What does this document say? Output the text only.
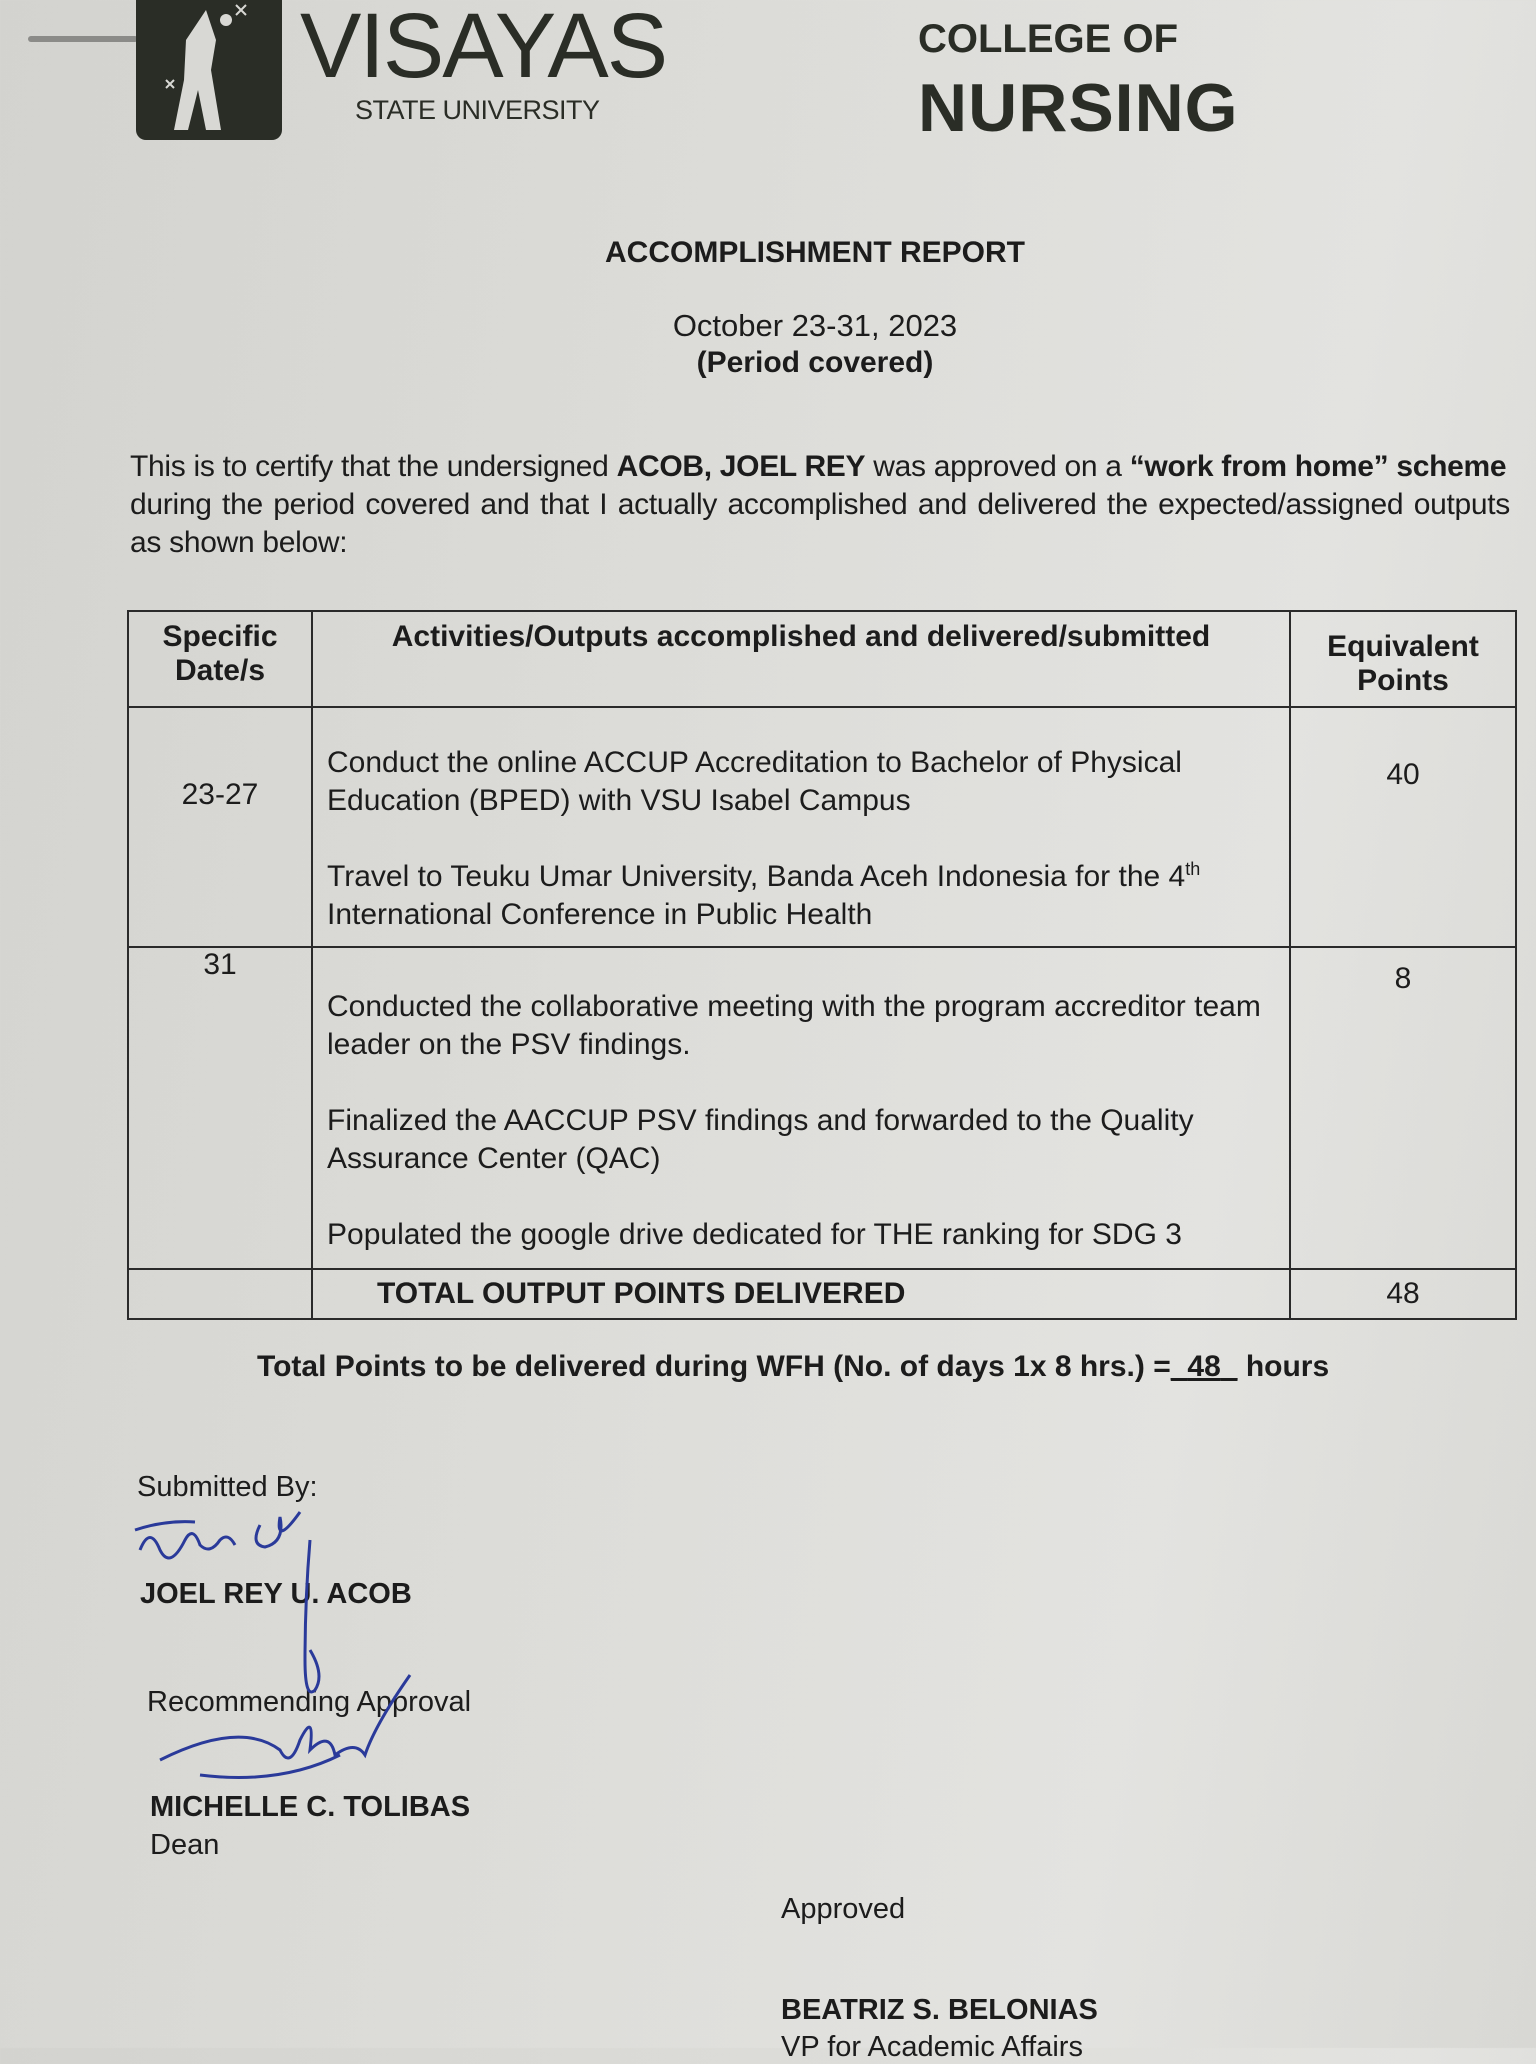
VISAYAS
STATE UNIVERSITY
COLLEGE OF
NURSING
ACCOMPLISHMENT REPORT
October 23-31, 2023
(Period covered)
This is to certify that the undersigned ACOB, JOEL REY was approved on a “work from home” scheme
during the period covered and that I actually accomplished and delivered the expected/assigned outputs as shown below:
Specific Date/s	Activities/Outputs accomplished and delivered/submitted	Equivalent Points
23-27	Conduct the online ACCUP Accreditation to Bachelor of Physical Education (BPED) with VSU Isabel Campus

Travel to Teuku Umar University, Banda Aceh Indonesia for the 4th
International Conference in Public Health	40
31	Conducted the collaborative meeting with the program accreditor team leader on the PSV findings.

Finalized the AACCUP PSV findings and forwarded to the Quality Assurance Center (QAC)

Populated the google drive dedicated for THE ranking for SDG 3	8
	TOTAL OUTPUT POINTS DELIVERED	48
Total Points to be delivered during WFH (No. of days 1x 8 hrs.) =_48_ hours
Submitted By:
JOEL REY U. ACOB
Recommending Approval
MICHELLE C. TOLIBAS
Dean
Approved
BEATRIZ S. BELONIAS
VP for Academic Affairs
